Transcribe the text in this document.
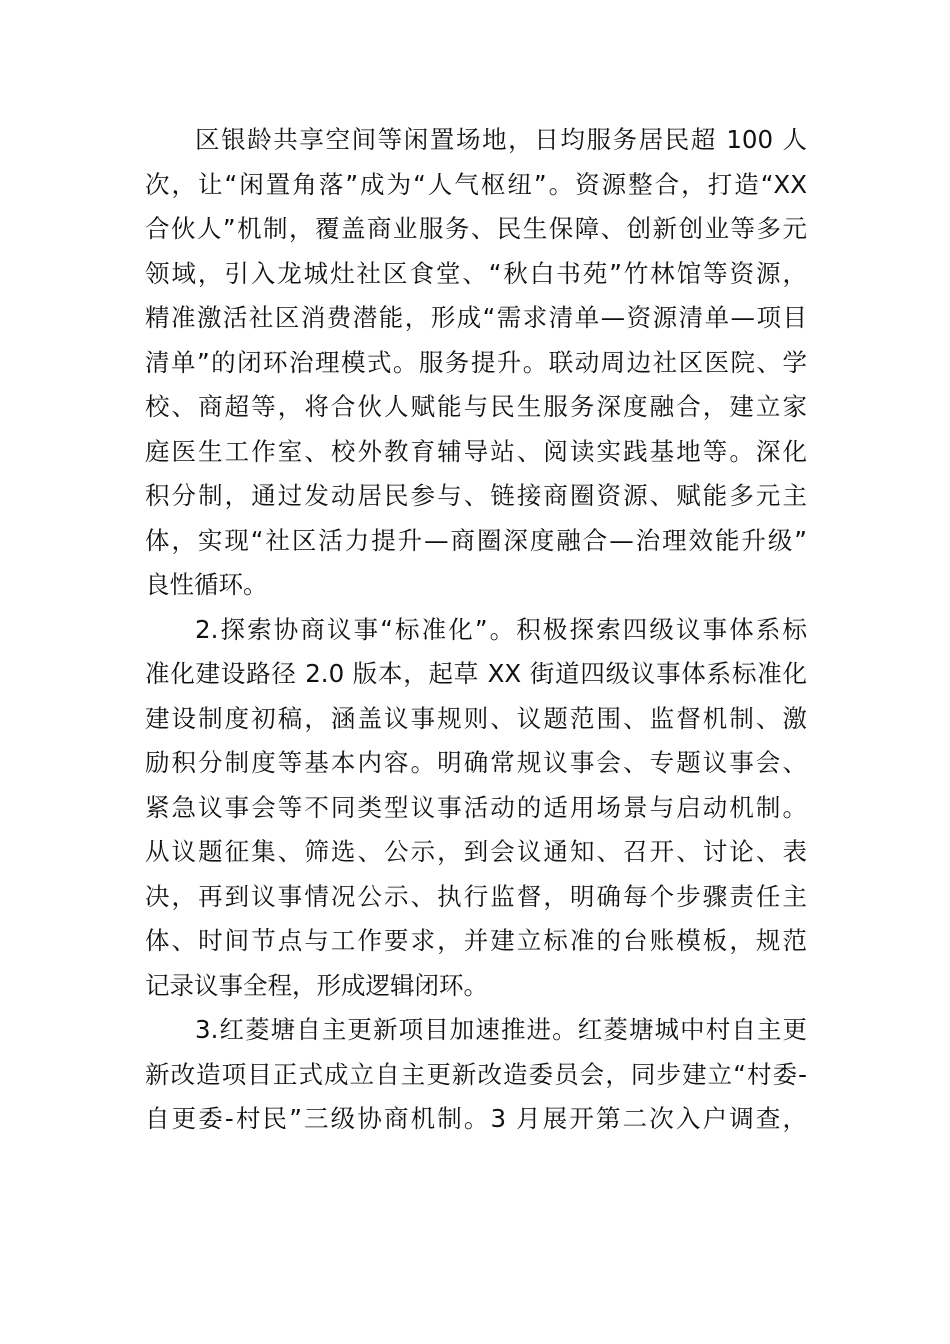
区银龄共享空间等闲置场地，日均服务居民超 100 人
次，让“闲置角落”成为“人气枢纽”。资源整合，打造“XX
合伙人”机制，覆盖商业服务、民生保障、创新创业等多元
领域，引入龙城灶社区食堂、“秋白书苑”竹林馆等资源，
精准激活社区消费潜能，形成“需求清单—资源清单—项目
清单”的闭环治理模式。服务提升。联动周边社区医院、学
校、商超等，将合伙人赋能与民生服务深度融合，建立家
庭医生工作室、校外教育辅导站、阅读实践基地等。深化
积分制，通过发动居民参与、链接商圈资源、赋能多元主
体，实现“社区活力提升—商圈深度融合—治理效能升级”
良性循环。
2.探索协商议事“标准化”。积极探索四级议事体系标
准化建设路径 2.0 版本，起草 XX 街道四级议事体系标准化
建设制度初稿，涵盖议事规则、议题范围、监督机制、激
励积分制度等基本内容。明确常规议事会、专题议事会、
紧急议事会等不同类型议事活动的适用场景与启动机制。
从议题征集、筛选、公示，到会议通知、召开、讨论、表
决，再到议事情况公示、执行监督，明确每个步骤责任主
体、时间节点与工作要求，并建立标准的台账模板，规范
记录议事全程，形成逻辑闭环。
3.红菱塘自主更新项目加速推进。红菱塘城中村自主更
新改造项目正式成立自主更新改造委员会，同步建立“村委-
自更委-村民”三级协商机制。3 月展开第二次入户调查，
